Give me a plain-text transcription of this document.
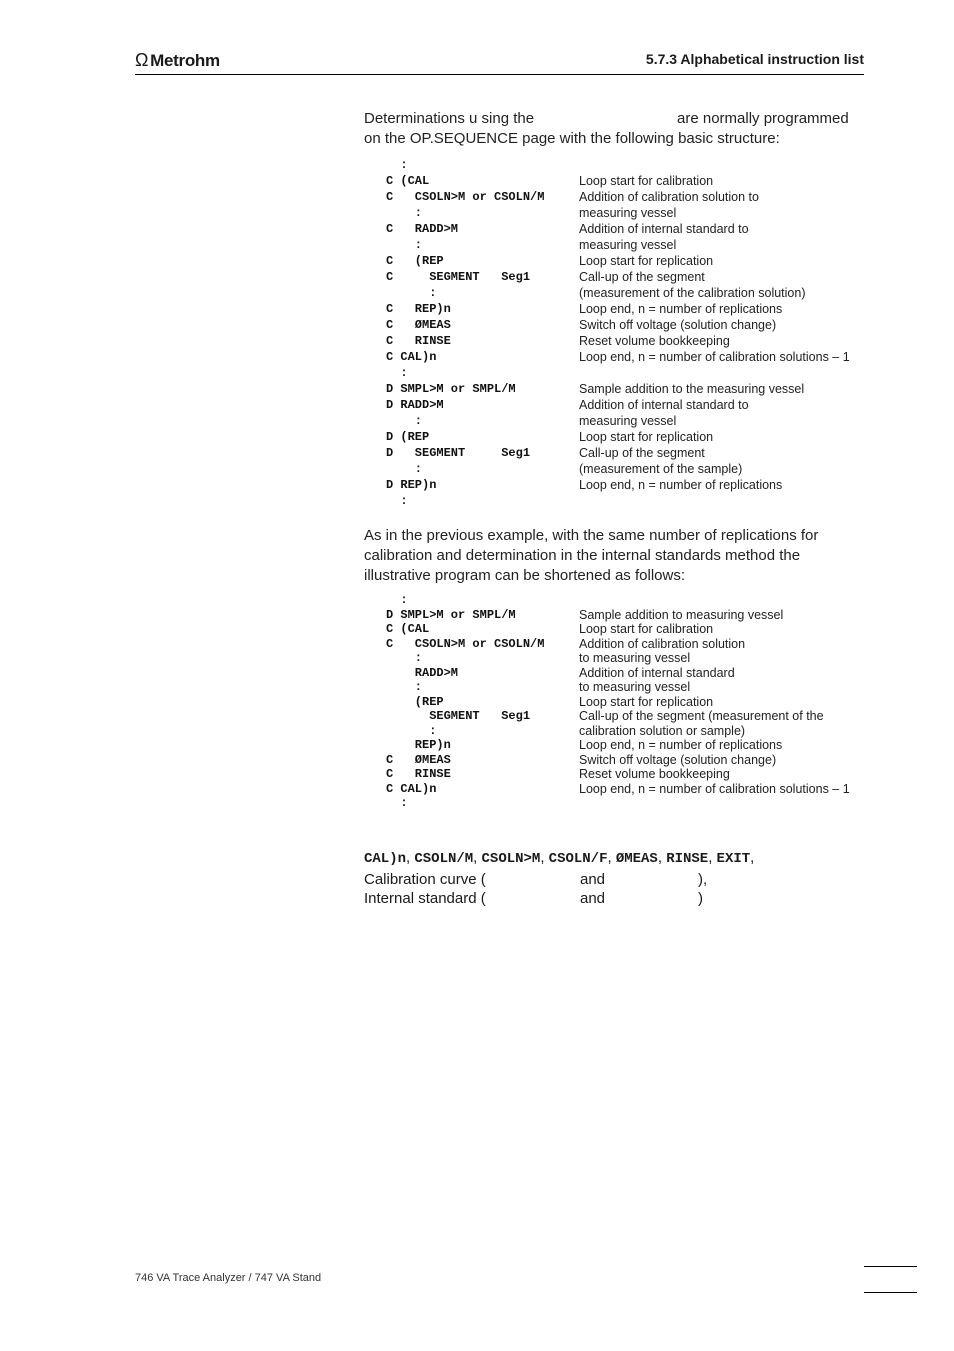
Ω Metrohm	5.7.3 Alphabetical instruction list
Determinations u sing the	are normally programmed
on the OP.SEQUENCE page with the following basic structure:
:
C (CAL	Loop start for calibration
C   CSOLN>M or CSOLN/M	Addition of calibration solution to
:	measuring vessel
C   RADD>M	Addition of internal standard to
:	measuring vessel
C   (REP	Loop start for replication
C     SEGMENT   Seg1	Call-up of the segment
:	(measurement of the calibration solution)
C   REP)n	Loop end, n = number of replications
C   ØMEAS	Switch off voltage (solution change)
C   RINSE	Reset volume bookkeeping
C CAL)n	Loop end, n = number of calibration solutions – 1
:
D SMPL>M or SMPL/M	Sample addition to the measuring vessel
D RADD>M	Addition of internal standard to
:	measuring vessel
D (REP	Loop start for replication
D   SEGMENT     Seg1	Call-up of the segment
:	(measurement of the sample)
D REP)n	Loop end, n = number of replications
:
As in the previous example, with the same number of replications for
calibration and determination in the internal standards method the
illustrative program can be shortened as follows:
:
D SMPL>M or SMPL/M	Sample addition to measuring vessel
C (CAL	Loop start for calibration
C   CSOLN>M or CSOLN/M	Addition of calibration solution
:	to measuring vessel
RADD>M	Addition of internal standard
:	to measuring vessel
(REP	Loop start for replication
SEGMENT   Seg1	Call-up of the segment (measurement of the
:	calibration solution or sample)
REP)n	Loop end, n = number of replications
C   ØMEAS	Switch off voltage (solution change)
C   RINSE	Reset volume bookkeeping
C CAL)n	Loop end, n = number of calibration solutions – 1
:
CAL)n, CSOLN/M, CSOLN>M, CSOLN/F, ØMEAS, RINSE, EXIT,
Calibration curve (	and	),
Internal standard (	and	)
746 VA Trace Analyzer / 747 VA Stand
